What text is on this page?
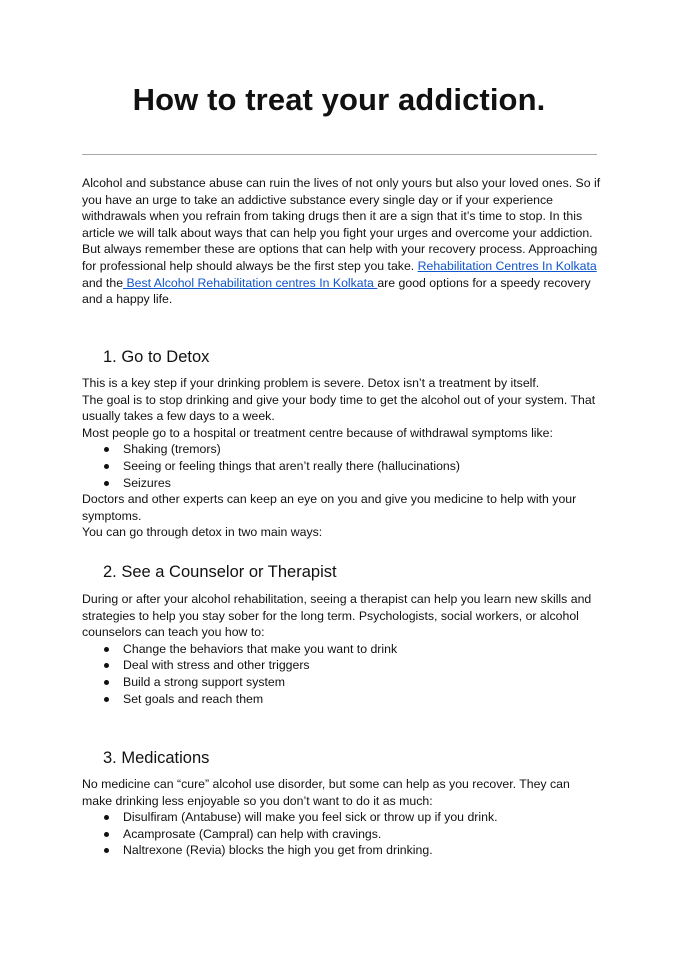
How to treat your addiction.

Alcohol and substance abuse can ruin the lives of not only yours but also your loved ones. So if you have an urge to take an addictive substance every single day or if your experience withdrawals when you refrain from taking drugs then it are a sign that it’s time to stop. In this article we will talk about ways that can help you fight your urges and overcome your addiction. But always remember these are options that can help with your recovery process. Approaching for professional help should always be the first step you take. Rehabilitation Centres In Kolkata and the Best Alcohol Rehabilitation centres In Kolkata are good options for a speedy recovery and a happy life.

1. Go to Detox

This is a key step if your drinking problem is severe. Detox isn’t a treatment by itself.

The goal is to stop drinking and give your body time to get the alcohol out of your system. That usually takes a few days to a week.

Most people go to a hospital or treatment centre because of withdrawal symptoms like:

Shaking (tremors)
Seeing or feeling things that aren’t really there (hallucinations)
Seizures

Doctors and other experts can keep an eye on you and give you medicine to help with your symptoms.

You can go through detox in two main ways:

2. See a Counselor or Therapist

During or after your alcohol rehabilitation, seeing a therapist can help you learn new skills and strategies to help you stay sober for the long term. Psychologists, social workers, or alcohol counselors can teach you how to:

Change the behaviors that make you want to drink
Deal with stress and other triggers
Build a strong support system
Set goals and reach them
3. Medications

No medicine can “cure” alcohol use disorder, but some can help as you recover. They can make drinking less enjoyable so you don’t want to do it as much:

Disulfiram (Antabuse) will make you feel sick or throw up if you drink.
Acamprosate (Campral) can help with cravings.
Naltrexone (Revia) blocks the high you get from drinking.
